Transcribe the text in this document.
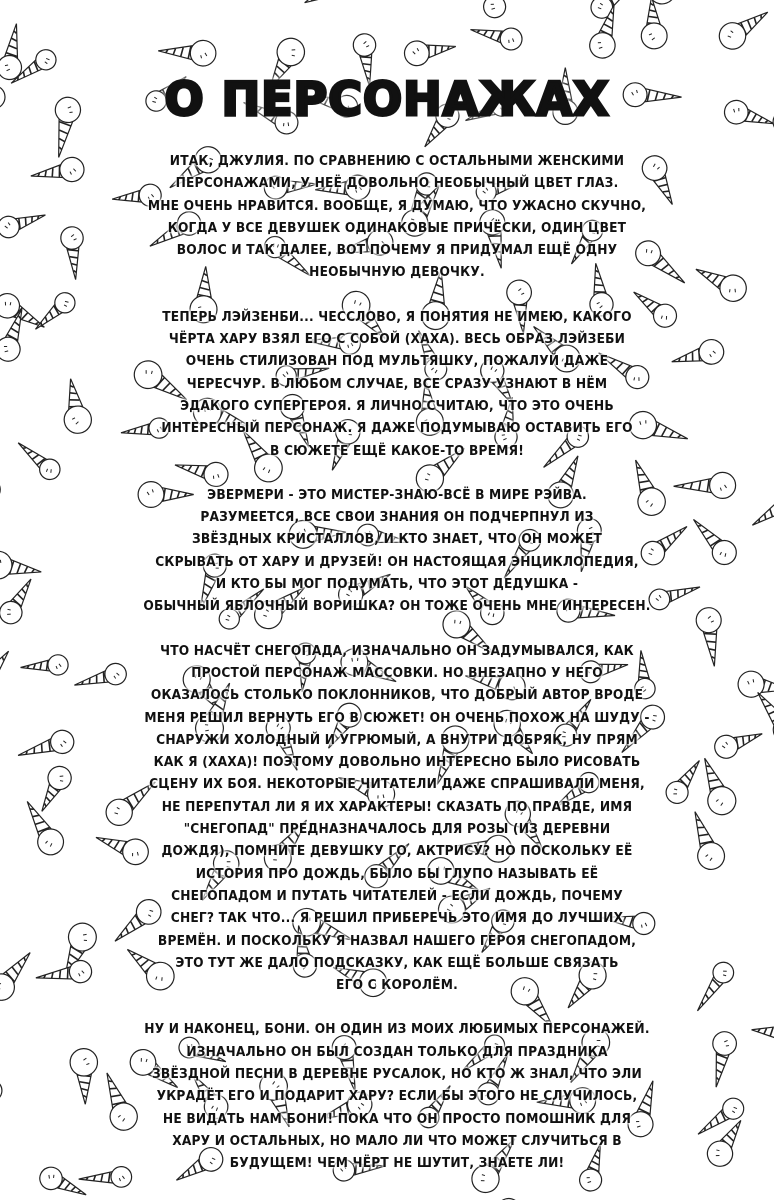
О ПЕРСОНАЖАХ

ИТАК, ДЖУЛИЯ. ПО СРАВНЕНИЮ С ОСТАЛЬНЫМИ ЖЕНСКИМИ
ПЕРСОНАЖАМИ, У НЕЁ ДОВОЛЬНО НЕОБЫЧНЫЙ ЦВЕТ ГЛАЗ.
МНЕ ОЧЕНЬ НРАВИТСЯ. ВООБЩЕ, Я ДУМАЮ, ЧТО УЖАСНО СКУЧНО,
КОГДА У ВСЕ ДЕВУШЕК ОДИНАКОВЫЕ ПРИЧЁСКИ, ОДИН ЦВЕТ
ВОЛОС И ТАК ДАЛЕЕ, ВОТ ПОЧЕМУ Я ПРИДУМАЛ ЕЩЁ ОДНУ
НЕОБЫЧНУЮ ДЕВОЧКУ.

ТЕПЕРЬ ЛЭЙЗЕНБИ... ЧЕССЛОВО, Я ПОНЯТИЯ НЕ ИМЕЮ, КАКОГО
ЧЁРТА ХАРУ ВЗЯЛ ЕГО С СОБОЙ (ХАХА). ВЕСЬ ОБРАЗ ЛЭЙЗЕБИ
ОЧЕНЬ СТИЛИЗОВАН ПОД МУЛЬТЯШКУ, ПОЖАЛУЙ ДАЖЕ
ЧЕРЕСЧУР. В ЛЮБОМ СЛУЧАЕ, ВСЕ СРАЗУ УЗНАЮТ В НЁМ
ЭДАКОГО СУПЕРГЕРОЯ. Я ЛИЧНО СЧИТАЮ, ЧТО ЭТО ОЧЕНЬ
ИНТЕРЕСНЫЙ ПЕРСОНАЖ. Я ДАЖЕ ПОДУМЫВАЮ ОСТАВИТЬ ЕГО
В СЮЖЕТЕ ЕЩЁ КАКОЕ-ТО ВРЕМЯ!

ЭВЕРМЕРИ - ЭТО МИСТЕР-ЗНАЮ-ВСЁ В МИРЕ РЭЙВА.
РАЗУМЕЕТСЯ, ВСЕ СВОИ ЗНАНИЯ ОН ПОДЧЕРПНУЛ ИЗ
ЗВЁЗДНЫХ КРИСТАЛЛОВ, И КТО ЗНАЕТ, ЧТО ОН МОЖЕТ
СКРЫВАТЬ ОТ ХАРУ И ДРУЗЕЙ! ОН НАСТОЯЩАЯ ЭНЦИКЛОПЕДИЯ,
И КТО БЫ МОГ ПОДУМАТЬ, ЧТО ЭТОТ ДЕДУШКА -
ОБЫЧНЫЙ ЯБЛОЧНЫЙ ВОРИШКА? ОН ТОЖЕ ОЧЕНЬ МНЕ ИНТЕРЕСЕН.

ЧТО НАСЧЁТ СНЕГОПАДА, ИЗНАЧАЛЬНО ОН ЗАДУМЫВАЛСЯ, КАК
ПРОСТОЙ ПЕРСОНАЖ МАССОВКИ. НО ВНЕЗАПНО У НЕГО
ОКАЗАЛОСЬ СТОЛЬКО ПОКЛОННИКОВ, ЧТО ДОБРЫЙ АВТОР ВРОДЕ
МЕНЯ РЕШИЛ ВЕРНУТЬ ЕГО В СЮЖЕТ! ОН ОЧЕНЬ ПОХОЖ НА ШУДУ -
СНАРУЖИ ХОЛОДНЫЙ И УГРЮМЫЙ, А ВНУТРИ ДОБРЯК, НУ ПРЯМ
КАК Я (ХАХА)! ПОЭТОМУ ДОВОЛЬНО ИНТЕРЕСНО БЫЛО РИСОВАТЬ
СЦЕНУ ИХ БОЯ. НЕКОТОРЫЕ ЧИТАТЕЛИ ДАЖЕ СПРАШИВАЛИ МЕНЯ,
НЕ ПЕРЕПУТАЛ ЛИ Я ИХ ХАРАКТЕРЫ! СКАЗАТЬ ПО ПРАВДЕ, ИМЯ
"СНЕГОПАД" ПРЕДНАЗНАЧАЛОСЬ ДЛЯ РОЗЫ (ИЗ ДЕРЕВНИ
ДОЖДЯ), ПОМНИТЕ ДЕВУШКУ ГО, АКТРИСУ? НО ПОСКОЛЬКУ ЕЁ
ИСТОРИЯ ПРО ДОЖДЬ, БЫЛО БЫ ГЛУПО НАЗЫВАТЬ ЕЁ
СНЕГОПАДОМ И ПУТАТЬ ЧИТАТЕЛЕЙ - ЕСЛИ ДОЖДЬ, ПОЧЕМУ
СНЕГ? ТАК ЧТО... Я РЕШИЛ ПРИБЕРЕЧЬ ЭТО ИМЯ ДО ЛУЧШИХ
ВРЕМЁН. И ПОСКОЛЬКУ Я НАЗВАЛ НАШЕГО ГЕРОЯ СНЕГОПАДОМ,
ЭТО ТУТ ЖЕ ДАЛО ПОДСКАЗКУ, КАК ЕЩЁ БОЛЬШЕ СВЯЗАТЬ
ЕГО С КОРОЛЁМ.

НУ И НАКОНЕЦ, БОНИ. ОН ОДИН ИЗ МОИХ ЛЮБИМЫХ ПЕРСОНАЖЕЙ.
ИЗНАЧАЛЬНО ОН БЫЛ СОЗДАН ТОЛЬКО ДЛЯ ПРАЗДНИКА
ЗВЁЗДНОЙ ПЕСНИ В ДЕРЕВНЕ РУСАЛОК, НО КТО Ж ЗНАЛ, ЧТО ЭЛИ
УКРАДЁТ ЕГО И ПОДАРИТ ХАРУ? ЕСЛИ БЫ ЭТОГО НЕ СЛУЧИЛОСЬ,
НЕ ВИДАТЬ НАМ БОНИ! ПОКА ЧТО ОН ПРОСТО ПОМОШНИК ДЛЯ
ХАРУ И ОСТАЛЬНЫХ, НО МАЛО ЛИ ЧТО МОЖЕТ СЛУЧИТЬСЯ В
БУДУЩЕМ! ЧЕМ ЧЁРТ НЕ ШУТИТ, ЗНАЕТЕ ЛИ!
